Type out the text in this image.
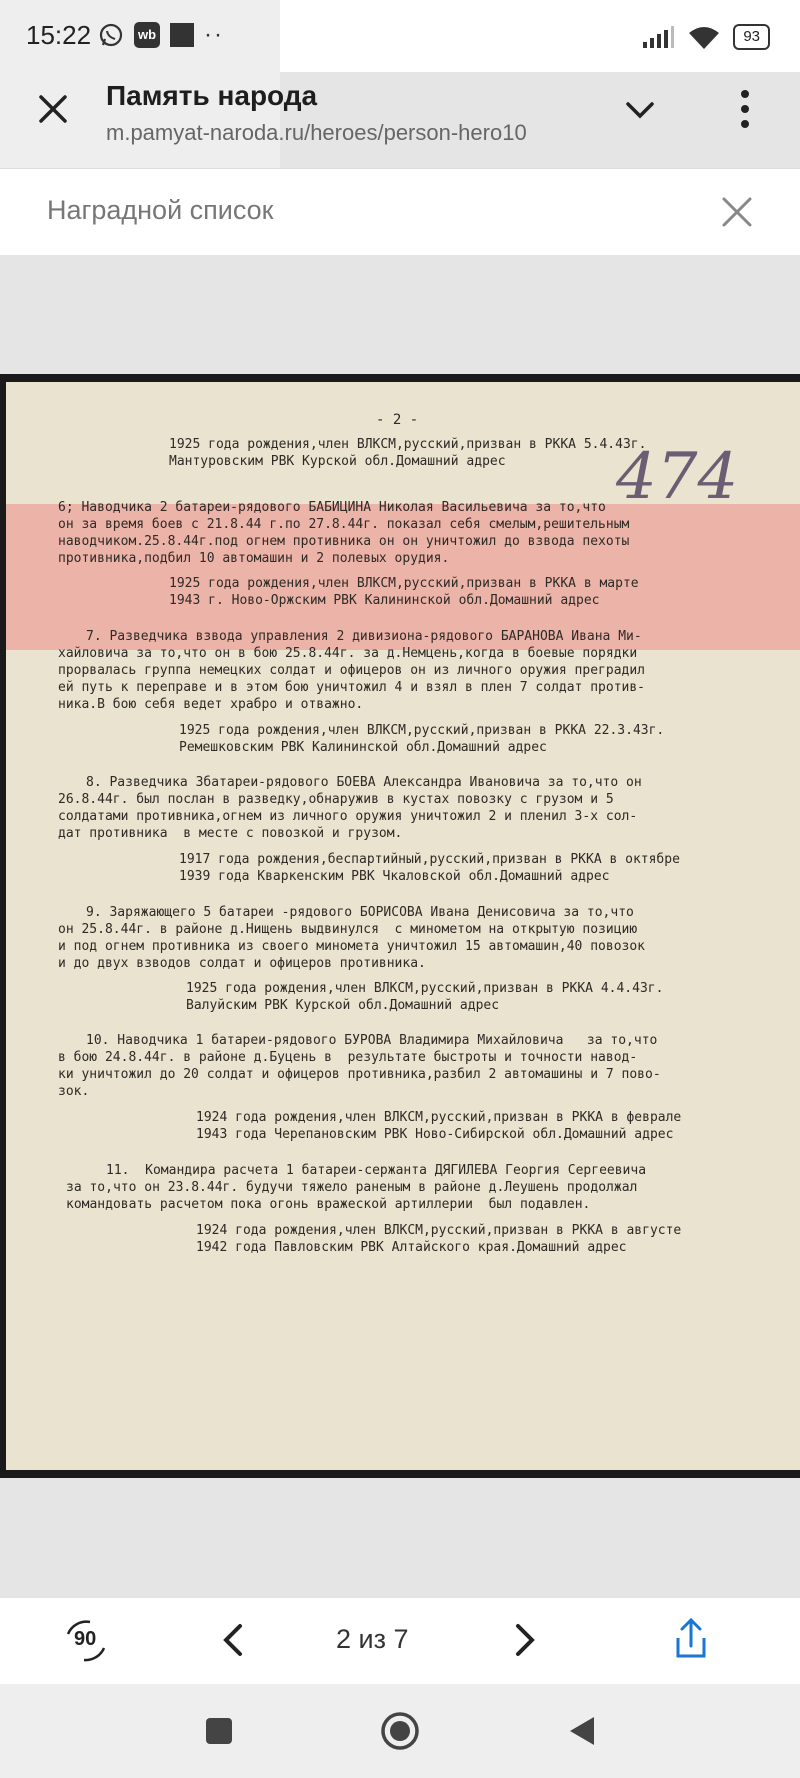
15:22	wb ··	93
Память народа
m.pamyat-naroda.ru/heroes/person-hero10
Наградной список
- 2 -
474
1925 года рождения,член ВЛКСМ,русский,призван в РККА 5.4.43г.
Мантуровским РВК Курской обл.Домашний адрес
6; Наводчика 2 батареи-рядового БАБИЦИНА Николая Васильевича за то,что
он за время боев с 21.8.44 г.по 27.8.44г. показал себя смелым,решительным
наводчиком.25.8.44г.под огнем противника он он уничтожил до взвода пехоты
противника,подбил 10 автомашин и 2 полевых орудия.
1925 года рождения,член ВЛКСМ,русский,призван в РККА в марте
1943 г. Ново-Оржским РВК Калининской обл.Домашний адрес
7. Разведчика взвода управления 2 дивизиона-рядового БАРАНОВА Ивана Ми-
хайловича за то,что он в бою 25.8.44г. за д.Немцень,когда в боевые порядки
прорвалась группа немецких солдат и офицеров он из личного оружия преградил
ей путь к переправе и в этом бою уничтожил 4 и взял в плен 7 солдат против-
ника.В бою себя ведет храбро и отважно.
1925 года рождения,член ВЛКСМ,русский,призван в РККА 22.3.43г.
Ремешковским РВК Калининской обл.Домашний адрес
8. Разведчика 3батареи-рядового БОЕВА Александра Ивановича за то,что он
26.8.44г. был послан в разведку,обнаружив в кустах повозку с грузом и 5
солдатами противника,огнем из личного оружия уничтожил 2 и пленил 3-х сол-
дат противника  в месте с повозкой и грузом.
1917 года рождения,беспартийный,русский,призван в РККА в октябре
1939 года Кваркенским РВК Чкаловской обл.Домашний адрес
9. Заряжающего 5 батареи -рядового БОРИСОВА Ивана Денисовича за то,что
он 25.8.44г. в районе д.Нищень выдвинулся  с минометом на открытую позицию
и под огнем противника из своего миномета уничтожил 15 автомашин,40 повозок
и до двух взводов солдат и офицеров противника.
1925 года рождения,член ВЛКСМ,русский,призван в РККА 4.4.43г.
Валуйским РВК Курской обл.Домашний адрес
10. Наводчика 1 батареи-рядового БУРОВА Владимира Михайловича   за то,что
в бою 24.8.44г. в районе д.Буцень в  результате быстроты и точности навод-
ки уничтожил до 20 солдат и офицеров противника,разбил 2 автомашины и 7 пово-
зок.
1924 года рождения,член ВЛКСМ,русский,призван в РККА в феврале
1943 года Черепановским РВК Ново-Сибирской обл.Домашний адрес
11.  Командира расчета 1 батареи-сержанта ДЯГИЛЕВА Георгия Сергеевича
за то,что он 23.8.44г. будучи тяжело раненым в районе д.Леушень продолжал
командовать расчетом пока огонь вражеской артиллерии  был подавлен.
1924 года рождения,член ВЛКСМ,русский,призван в РККА в августе
1942 года Павловским РВК Алтайского края.Домашний адрес
90	2 из 7
